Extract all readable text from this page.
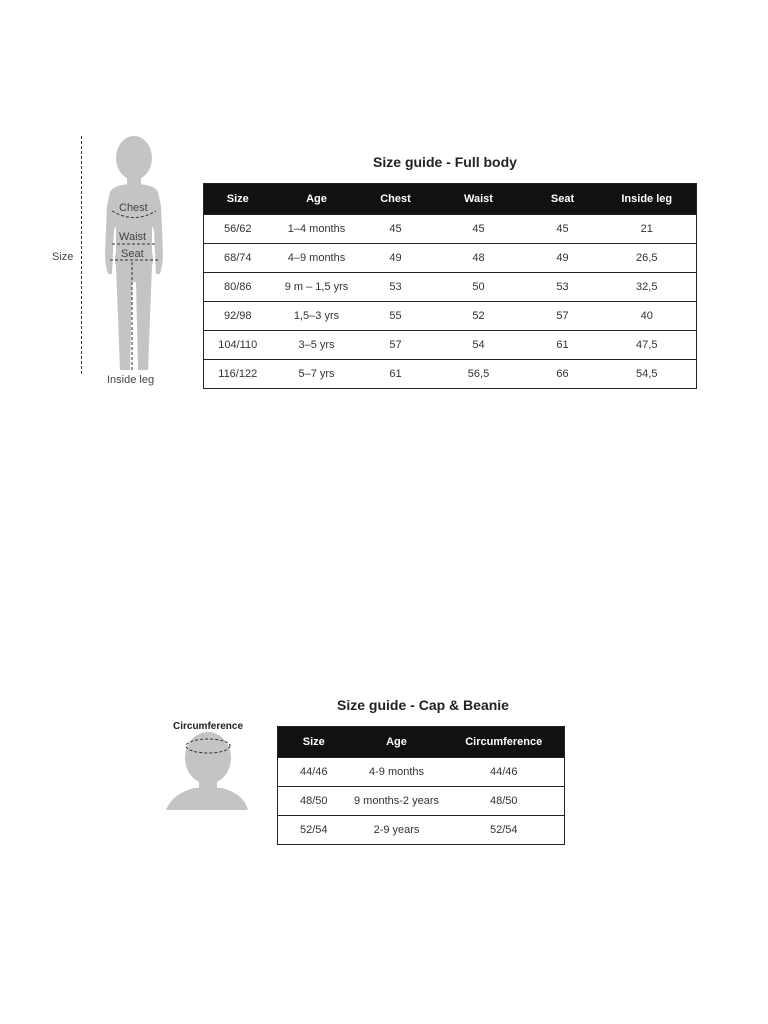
Size
Chest
Waist
Seat
Inside leg
Size guide - Full body
Size	Age	Chest	Waist	Seat	Inside leg
56/62	1–4 months	45	45	45	21
68/74	4–9 months	49	48	49	26,5
80/86	9 m – 1,5 yrs	53	50	53	32,5
92/98	1,5–3 yrs	55	52	57	40
104/110	3–5 yrs	57	54	61	47,5
116/122	5–7 yrs	61	56,5	66	54,5
Size guide - Cap & Beanie
Circumference
Size	Age	Circumference
44/46	4-9 months	44/46
48/50	9 months-2 years	48/50
52/54	2-9 years	52/54
